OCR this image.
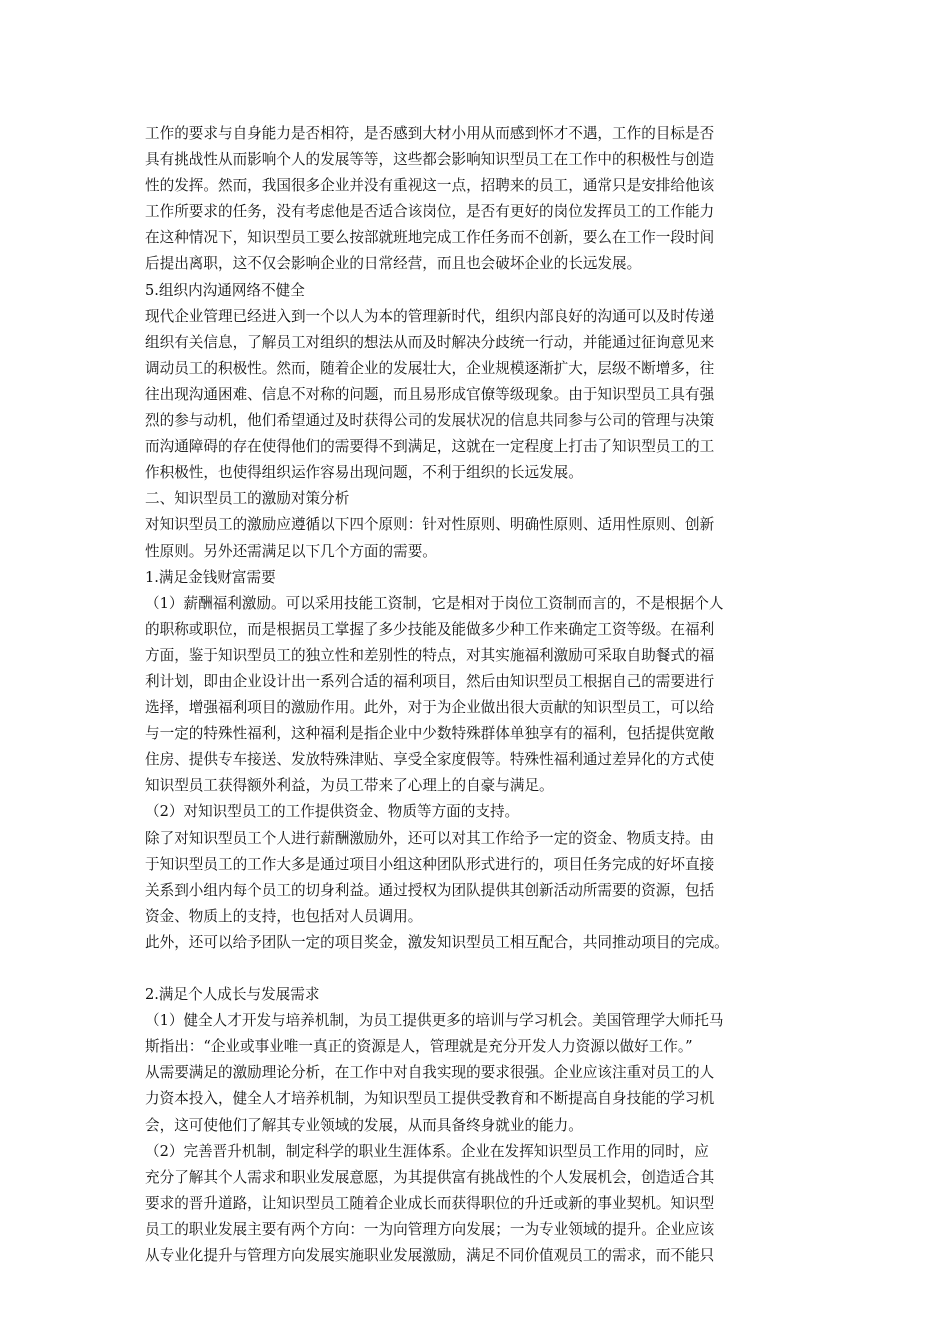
工作的要求与自身能力是否相符，是否感到大材小用从而感到怀才不遇，工作的目标是否
具有挑战性从而影响个人的发展等等，这些都会影响知识型员工在工作中的积极性与创造
性的发挥。然而，我国很多企业并没有重视这一点，招聘来的员工，通常只是安排给他该
工作所要求的任务，没有考虑他是否适合该岗位，是否有更好的岗位发挥员工的工作能力
在这种情况下，知识型员工要么按部就班地完成工作任务而不创新，要么在工作一段时间
后提出离职，这不仅会影响企业的日常经营，而且也会破坏企业的长远发展。
5.组织内沟通网络不健全
现代企业管理已经进入到一个以人为本的管理新时代，组织内部良好的沟通可以及时传递
组织有关信息，了解员工对组织的想法从而及时解决分歧统一行动，并能通过征询意见来
调动员工的积极性。然而，随着企业的发展壮大，企业规模逐渐扩大，层级不断增多，往
往出现沟通困难、信息不对称的问题，而且易形成官僚等级现象。由于知识型员工具有强
烈的参与动机，他们希望通过及时获得公司的发展状况的信息共同参与公司的管理与决策
而沟通障碍的存在使得他们的需要得不到满足，这就在一定程度上打击了知识型员工的工
作积极性，也使得组织运作容易出现问题，不利于组织的长远发展。
二、知识型员工的激励对策分析
对知识型员工的激励应遵循以下四个原则：针对性原则、明确性原则、适用性原则、创新
性原则。另外还需满足以下几个方面的需要。
1.满足金钱财富需要
（1）薪酬福利激励。可以采用技能工资制，它是相对于岗位工资制而言的，不是根据个人
的职称或职位，而是根据员工掌握了多少技能及能做多少种工作来确定工资等级。在福利
方面，鉴于知识型员工的独立性和差别性的特点，对其实施福利激励可采取自助餐式的福
利计划，即由企业设计出一系列合适的福利项目，然后由知识型员工根据自己的需要进行
选择，增强福利项目的激励作用。此外，对于为企业做出很大贡献的知识型员工，可以给
与一定的特殊性福利，这种福利是指企业中少数特殊群体单独享有的福利，包括提供宽敞
住房、提供专车接送、发放特殊津贴、享受全家度假等。特殊性福利通过差异化的方式使
知识型员工获得额外利益，为员工带来了心理上的自豪与满足。
（2）对知识型员工的工作提供资金、物质等方面的支持。
除了对知识型员工个人进行薪酬激励外，还可以对其工作给予一定的资金、物质支持。由
于知识型员工的工作大多是通过项目小组这种团队形式进行的，项目任务完成的好坏直接
关系到小组内每个员工的切身利益。通过授权为团队提供其创新活动所需要的资源，包括
资金、物质上的支持，也包括对人员调用。
此外，还可以给予团队一定的项目奖金，激发知识型员工相互配合，共同推动项目的完成。
2.满足个人成长与发展需求
（1）健全人才开发与培养机制，为员工提供更多的培训与学习机会。美国管理学大师托马
斯指出：“企业或事业唯一真正的资源是人，管理就是充分开发人力资源以做好工作。”
从需要满足的激励理论分析，在工作中对自我实现的要求很强。企业应该注重对员工的人
力资本投入，健全人才培养机制，为知识型员工提供受教育和不断提高自身技能的学习机
会，这可使他们了解其专业领域的发展，从而具备终身就业的能力。
（2）完善晋升机制，制定科学的职业生涯体系。企业在发挥知识型员工作用的同时，应
充分了解其个人需求和职业发展意愿，为其提供富有挑战性的个人发展机会，创造适合其
要求的晋升道路，让知识型员工随着企业成长而获得职位的升迁或新的事业契机。知识型
员工的职业发展主要有两个方向：一为向管理方向发展；一为专业领域的提升。企业应该
从专业化提升与管理方向发展实施职业发展激励，满足不同价值观员工的需求，而不能只
